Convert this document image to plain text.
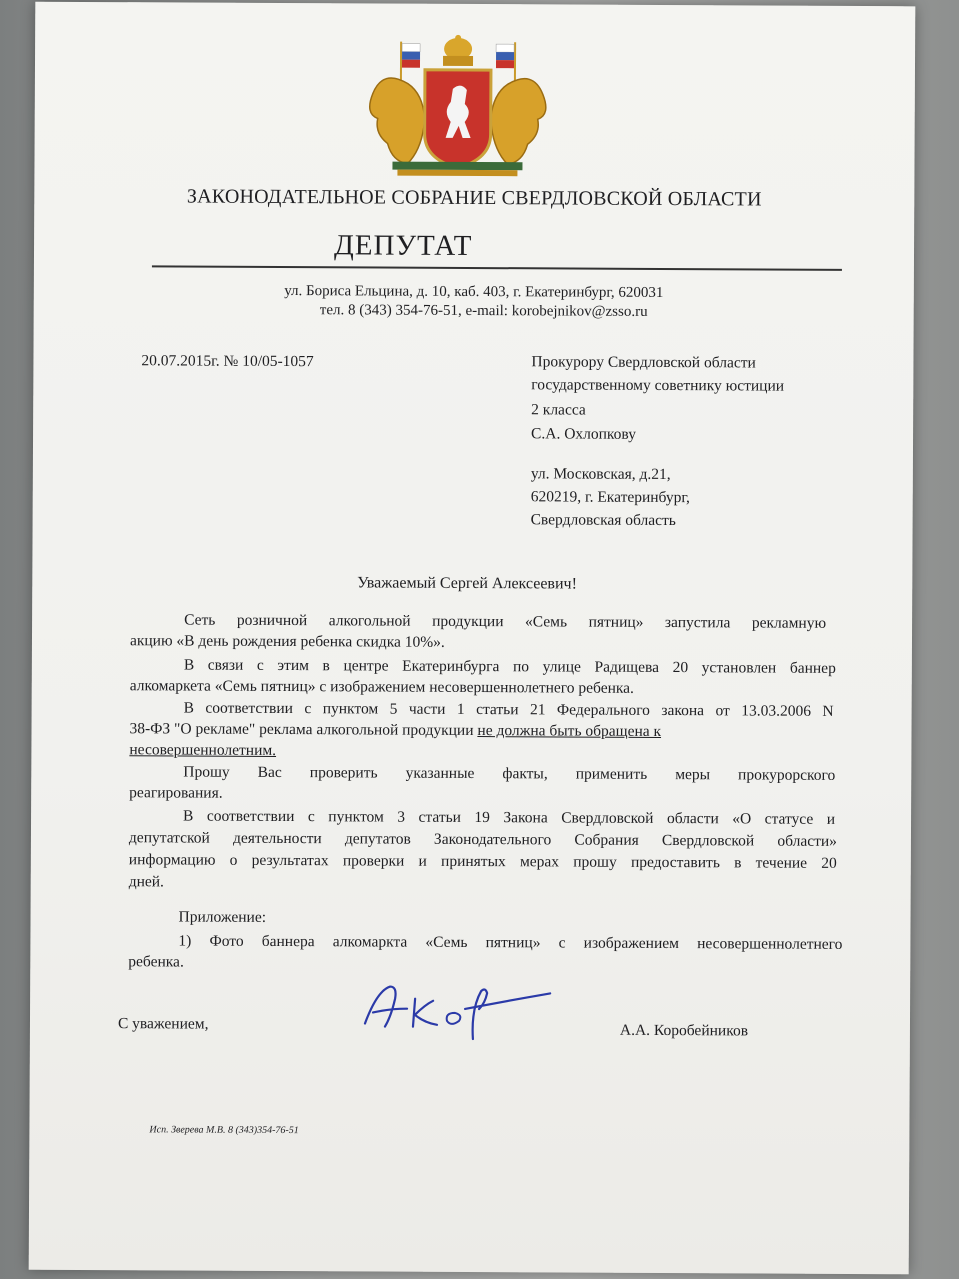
ЗАКОНОДАТЕЛЬНОЕ СОБРАНИЕ СВЕРДЛОВСКОЙ ОБЛАСТИ
ДЕПУТАТ
ул. Бориса Ельцина, д. 10, каб. 403, г. Екатеринбург, 620031
тел. 8 (343) 354-76-51, e-mail: korobejnikov@zsso.ru
20.07.2015г. № 10/05-1057	Прокурору Свердловской области
государственному советнику юстиции
2 класса
С.А. Охлопкову
ул. Московская, д.21,
620219, г. Екатеринбург,
Свердловская область
Уважаемый Сергей Алексеевич!
Сеть розничной алкогольной продукции «Семь пятниц» запустила рекламную
акцию «В день рождения ребенка скидка 10%».
В связи с этим в центре Екатеринбурга по улице Радищева 20 установлен баннер
алкомаркета «Семь пятниц» с изображением несовершеннолетнего ребенка.
В соответствии с пунктом 5 части 1 статьи 21 Федерального закона от 13.03.2006 N
38-ФЗ "О рекламе" реклама алкогольной продукции не должна быть обращена к
несовершеннолетним.
Прошу Вас проверить указанные факты, применить меры прокурорского
реагирования.
В соответствии с пунктом 3 статьи 19 Закона Свердловской области «О статусе и
депутатской деятельности депутатов Законодательного Собрания Свердловской области»
информацию о результатах проверки и принятых мерах прошу предоставить в течение 20
дней.
Приложение:
1) Фото баннера алкомаркта «Семь пятниц» с изображением несовершеннолетнего
ребенка.
С уважением,	А.А. Коробейников
Исп. Зверева М.В. 8 (343)354-76-51
